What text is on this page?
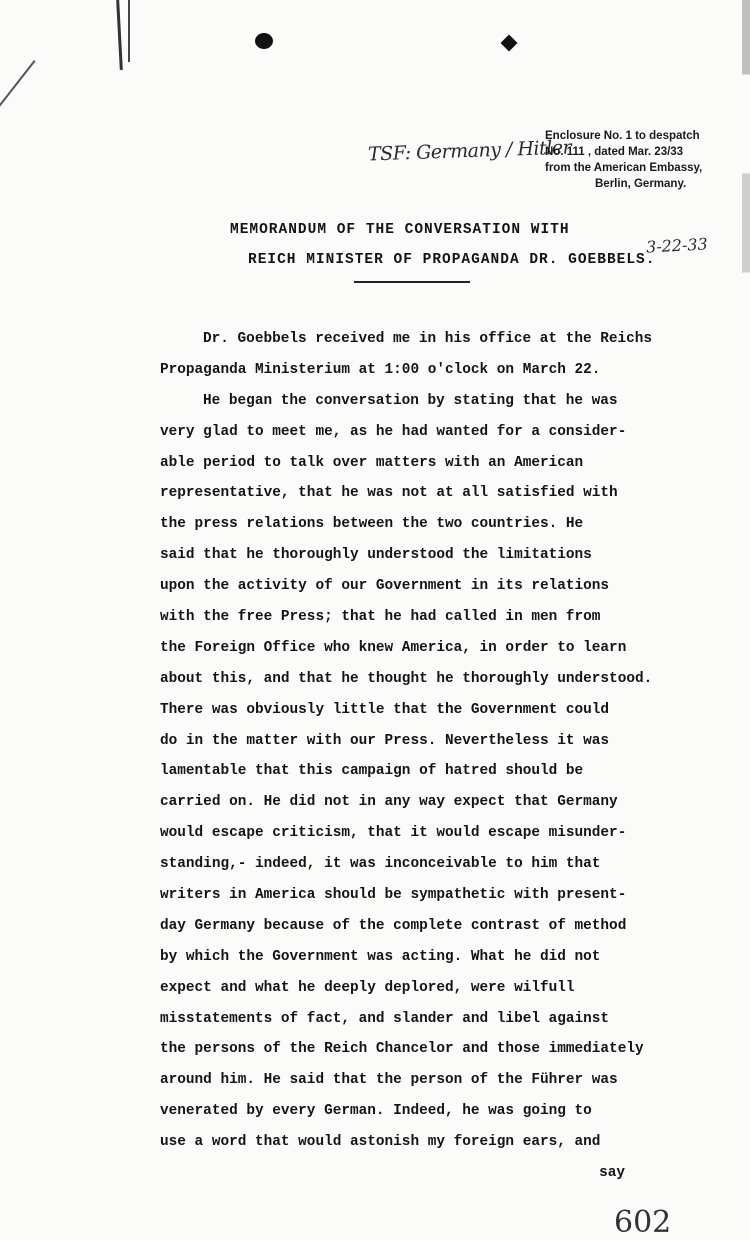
TSF: Germany / Hitler
Enclosure No. 1 to despatch
No. 111 , dated Mar. 23/33
from the American Embassy,
Berlin, Germany.
3-22-33
MEMORANDUM OF THE CONVERSATION WITH
REICH MINISTER OF PROPAGANDA DR. GOEBBELS.
Dr. Goebbels received me in his office at the Reichs
Propaganda Ministerium at 1:00 o'clock on March 22.
He began the conversation by stating that he was
very glad to meet me, as he had wanted for a consider-
able period to talk over matters with an American
representative, that he was not at all satisfied with
the press relations between the two countries. He
said that he thoroughly understood the limitations
upon the activity of our Government in its relations
with the free Press; that he had called in men from
the Foreign Office who knew America, in order to learn
about this, and that he thought he thoroughly understood.
There was obviously little that the Government could
do in the matter with our Press. Nevertheless it was
lamentable that this campaign of hatred should be
carried on. He did not in any way expect that Germany
would escape criticism, that it would escape misunder-
standing,- indeed, it was inconceivable to him that
writers in America should be sympathetic with present-
day Germany because of the complete contrast of method
by which the Government was acting. What he did not
expect and what he deeply deplored, were wilfull
misstatements of fact, and slander and libel against
the persons of the Reich Chancelor and those immediately
around him. He said that the person of the Führer was
venerated by every German. Indeed, he was going to
use a word that would astonish my foreign ears, and
say
602
